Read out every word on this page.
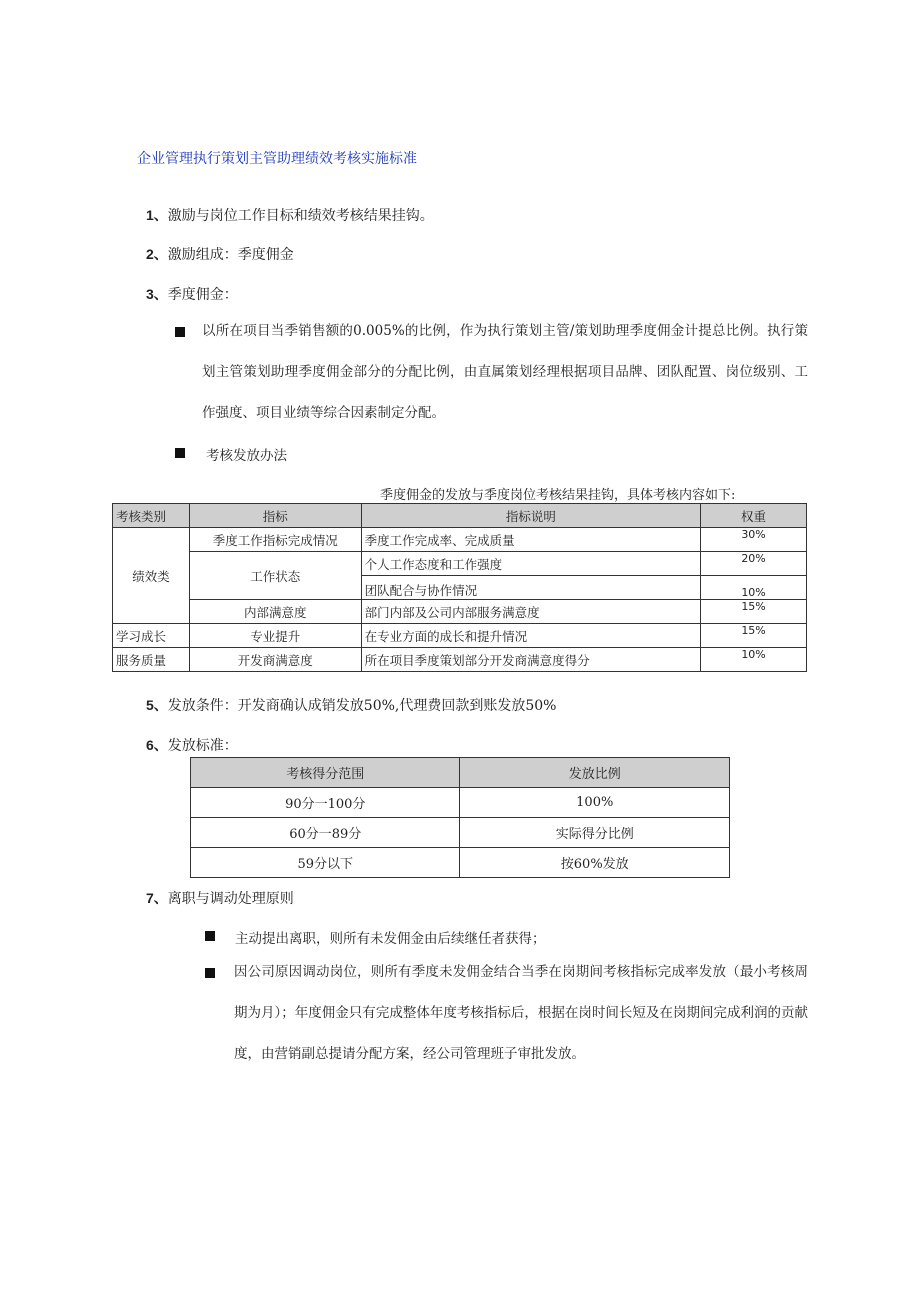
企业管理执行策划主管助理绩效考核实施标准
1、激励与岗位工作目标和绩效考核结果挂钩。
2、激励组成：季度佣金
3、季度佣金：
以所在项目当季销售额的0.005%的比例，作为执行策划主管/策划助理季度佣金计提总比例。执行策划主管策划助理季度佣金部分的分配比例，由直属策划经理根据项目品牌、团队配置、岗位级别、工作强度、项目业绩等综合因素制定分配。
考核发放办法
季度佣金的发放与季度岗位考核结果挂钩，具体考核内容如下:
考核类别	指标	指标说明	权重
绩效类	季度工作指标完成情况	季度工作完成率、完成质量	30%
	工作状态	个人工作态度和工作强度	20%
		团队配合与协作情况	10%
	内部满意度	部门内部及公司内部服务满意度	15%
学习成长	专业提升	在专业方面的成长和提升情况	15%
服务质量	开发商满意度	所在项目季度策划部分开发商满意度得分	10%
5、发放条件：开发商确认成销发放50%,代理费回款到账发放50%
6、发放标准：
考核得分范围	发放比例
90分一100分	100%
60分一89分	实际得分比例
59分以下	按60%发放
7、离职与调动处理原则
主动提出离职，则所有未发佣金由后续继任者获得；
因公司原因调动岗位，则所有季度未发佣金结合当季在岗期间考核指标完成率发放（最小考核周期为月）；年度佣金只有完成整体年度考核指标后，根据在岗时间长短及在岗期间完成利润的贡献度，由营销副总提请分配方案，经公司管理班子审批发放。
